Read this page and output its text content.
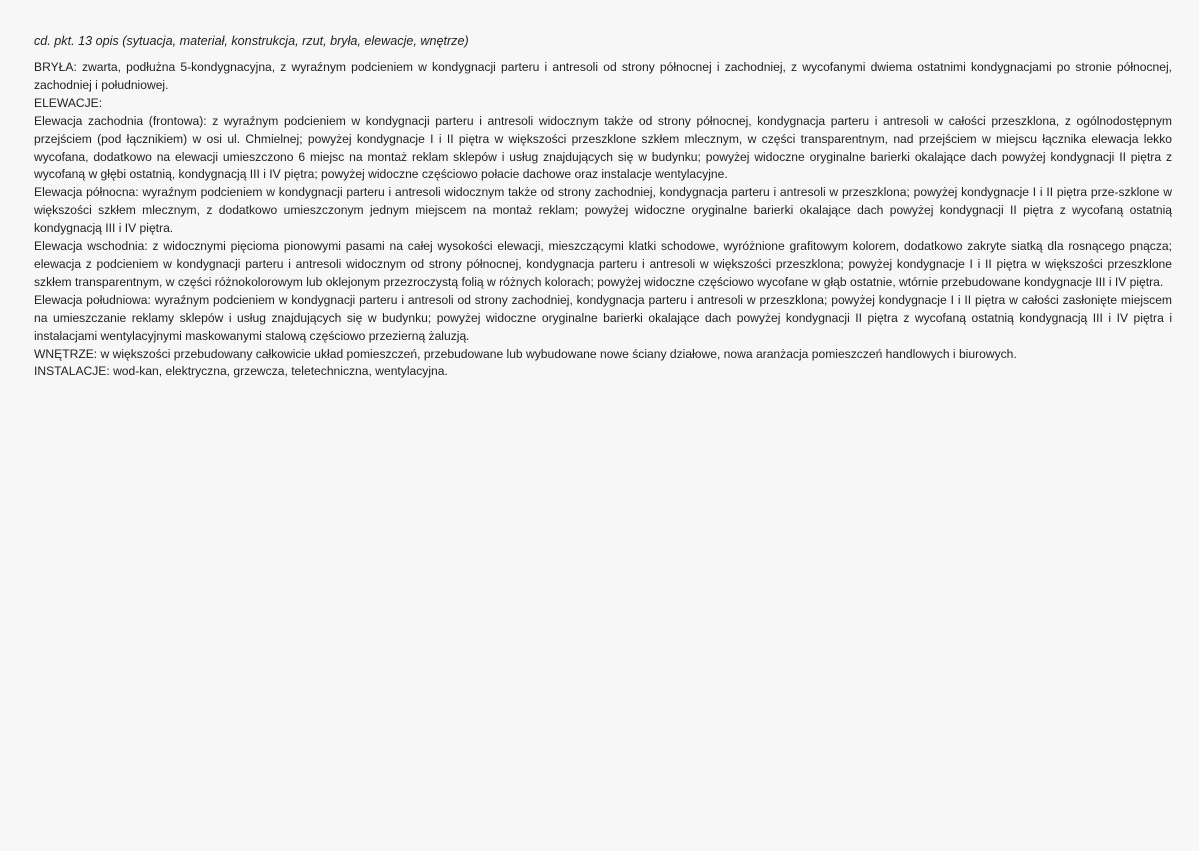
cd. pkt. 13 opis (sytuacja, materiał, konstrukcja, rzut, bryła, elewacje, wnętrze)

BRYŁA: zwarta, podłużna 5-kondygnacyjna, z wyraźnym podcieniem w kondygnacji parteru i antresoli od strony północnej i zachodniej, z wycofanymi dwiema ostatnimi kondygnacjami po stronie północnej, zachodniej i południowej.

ELEWACJE:

Elewacja zachodnia (frontowa): z wyraźnym podcieniem w kondygnacji parteru i antresoli widocznym także od strony północnej, kondygnacja parteru i antresoli w całości przeszklona, z ogólnodostępnym przejściem (pod łącznikiem) w osi ul. Chmielnej; powyżej kondygnacje I i II piętra w większości przeszklone szkłem mlecznym, w części transparentnym, nad przejściem w miejscu łącznika elewacja lekko wycofana, dodatkowo na elewacji umieszczono 6 miejsc na montaż reklam sklepów i usług znajdujących się w budynku; powyżej widoczne oryginalne barierki okalające dach powyżej kondygnacji II piętra z wycofaną w głębi ostatnią, kondygnacją III i IV piętra; powyżej widoczne częściowo połacie dachowe oraz instalacje wentylacyjne.

Elewacja północna: wyraźnym podcieniem w kondygnacji parteru i antresoli widocznym także od strony zachodniej, kondygnacja parteru i antresoli w przeszklona; powyżej kondygnacje I i II piętra prze-szklone w większości szkłem mlecznym, z dodatkowo umieszczonym jednym miejscem na montaż reklam; powyżej widoczne oryginalne barierki okalające dach powyżej kondygnacji II piętra z wycofaną ostatnią kondygnacją III i IV piętra.

Elewacja wschodnia: z widocznymi pięcioma pionowymi pasami na całej wysokości elewacji, mieszczącymi klatki schodowe, wyróżnione grafitowym kolorem, dodatkowo zakryte siatką dla rosnącego pnącza; elewacja z podcieniem w kondygnacji parteru i antresoli widocznym od strony północnej, kondygnacja parteru i antresoli w większości przeszklona; powyżej kondygnacje I i II piętra w większości przeszklone szkłem transparentnym, w części różnokolorowym lub oklejonym przezroczystą folią w różnych kolorach; powyżej widoczne częściowo wycofane w głąb ostatnie, wtórnie przebudowane kondygnacje III i IV piętra.

Elewacja południowa: wyraźnym podcieniem w kondygnacji parteru i antresoli od strony zachodniej, kondygnacja parteru i antresoli w przeszklona; powyżej kondygnacje I i II piętra w całości zasłonięte miejscem na umieszczanie reklamy sklepów i usług znajdujących się w budynku; powyżej widoczne oryginalne barierki okalające dach powyżej kondygnacji II piętra z wycofaną ostatnią kondygnacją III i IV piętra i instalacjami wentylacyjnymi maskowanymi stalową częściowo przezierną żaluzją.

WNĘTRZE: w większości przebudowany całkowicie układ pomieszczeń, przebudowane lub wybudowane nowe ściany działowe, nowa aranżacja pomieszczeń handlowych i biurowych.

INSTALACJE: wod-kan, elektryczna, grzewcza, teletechniczna, wentylacyjna.
